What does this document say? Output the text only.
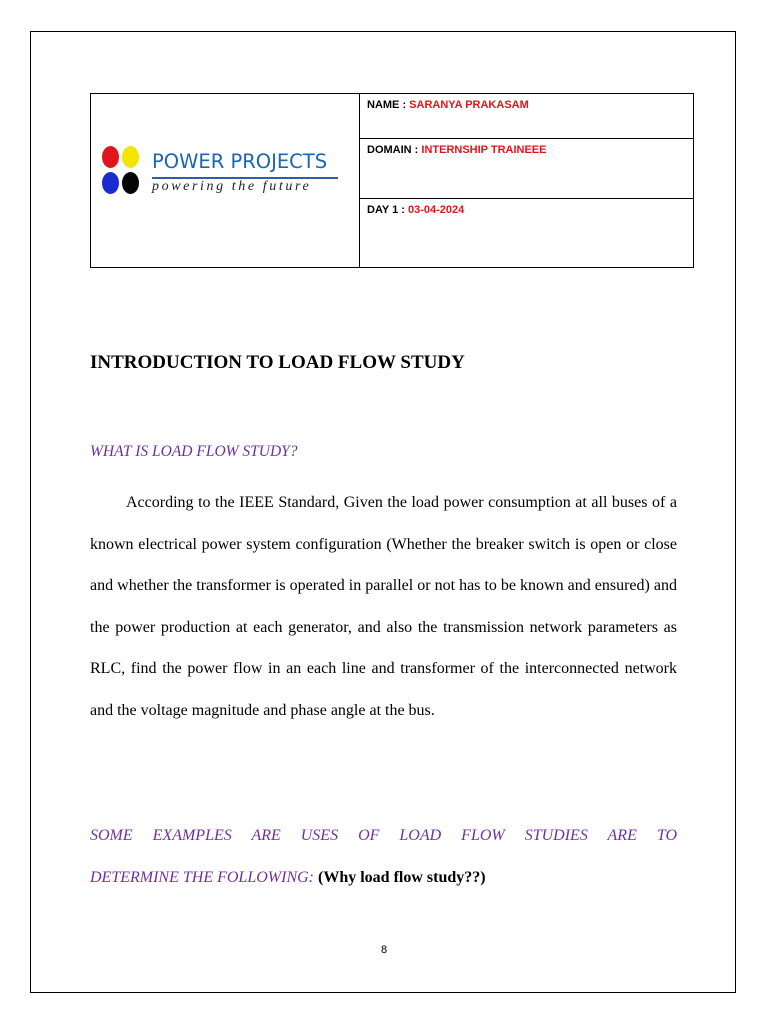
POWER PROJECTS
powering the future
	NAME : SARANYA PRAKASAM
DOMAIN : INTERNSHIP TRAINEEE
DAY 1 : 03-04-2024
INTRODUCTION TO LOAD FLOW STUDY
WHAT IS LOAD FLOW STUDY?

According to the IEEE Standard, Given the load power consumption at all buses of a known electrical power system configuration (Whether the breaker switch is open or close and whether the transformer is operated in parallel or not has to be known and ensured) and the power production at each generator, and also the transmission network parameters as RLC, find the power flow in an each line and transformer of the interconnected network and the voltage magnitude and phase angle at the bus.

SOME EXAMPLES ARE USES OF LOAD FLOW STUDIES ARE TO
DETERMINE THE FOLLOWING: (Why load flow study??)

8
